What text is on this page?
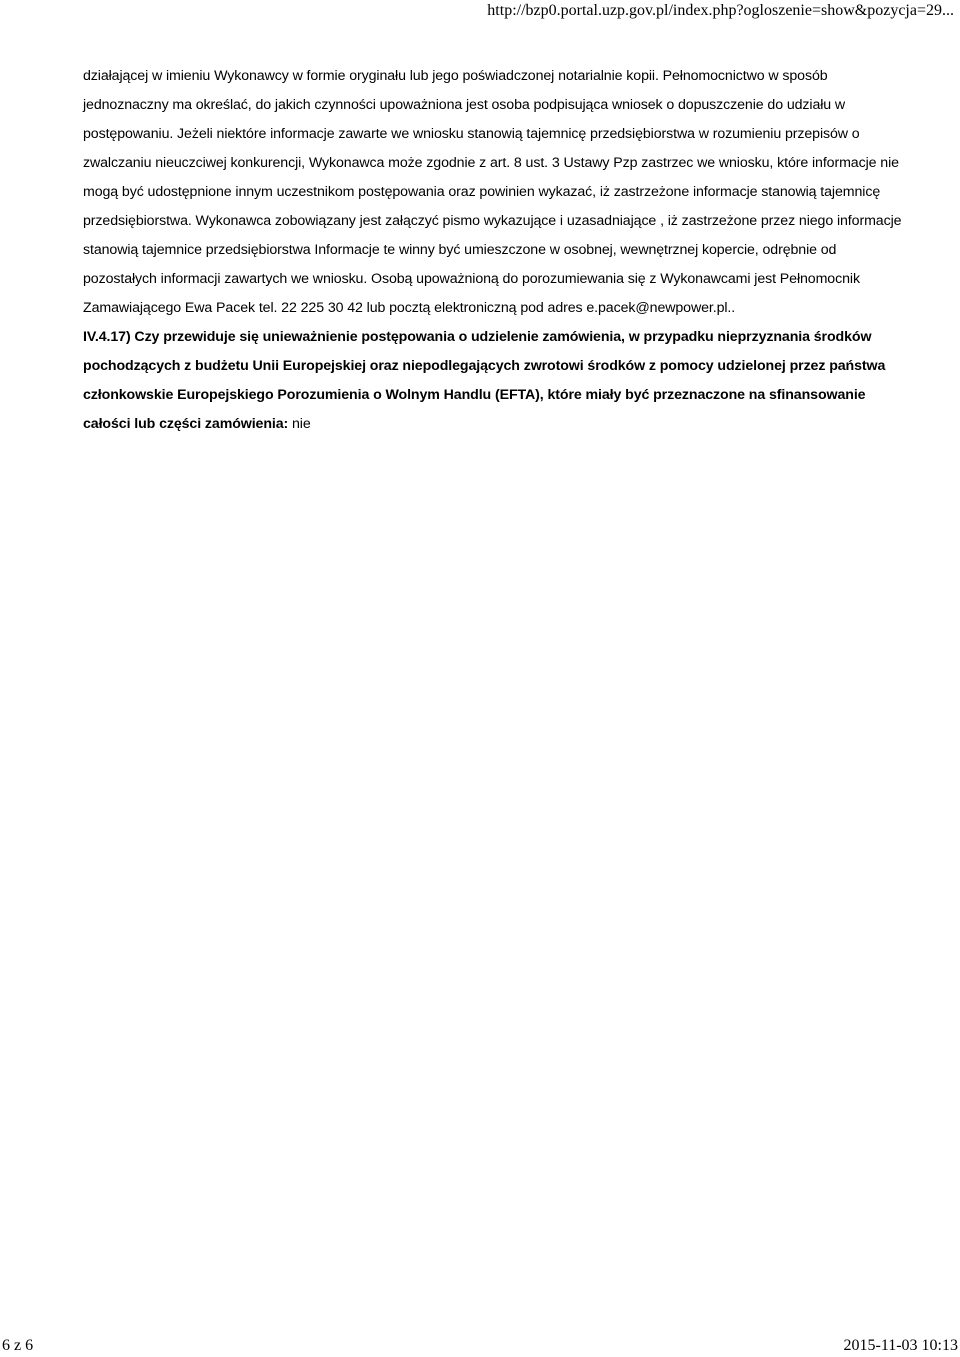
http://bzp0.portal.uzp.gov.pl/index.php?ogloszenie=show&pozycja=29...

działającej w imieniu Wykonawcy w formie oryginału lub jego poświadczonej notarialnie kopii. Pełnomocnictwo w sposób jednoznaczny ma określać, do jakich czynności upoważniona jest osoba podpisująca wniosek o dopuszczenie do udziału w postępowaniu. Jeżeli niektóre informacje zawarte we wniosku stanowią tajemnicę przedsiębiorstwa w rozumieniu przepisów o zwalczaniu nieuczciwej konkurencji, Wykonawca może zgodnie z art. 8 ust. 3 Ustawy Pzp zastrzec we wniosku, które informacje nie mogą być udostępnione innym uczestnikom postępowania oraz powinien wykazać, iż zastrzeżone informacje stanowią tajemnicę przedsiębiorstwa. Wykonawca zobowiązany jest załączyć pismo wykazujące i uzasadniające , iż zastrzeżone przez niego informacje stanowią tajemnice przedsiębiorstwa Informacje te winny być umieszczone w osobnej, wewnętrznej kopercie, odrębnie od pozostałych informacji zawartych we wniosku. Osobą upoważnioną do porozumiewania się z Wykonawcami jest Pełnomocnik Zamawiającego Ewa Pacek tel. 22 225 30 42 lub pocztą elektroniczną pod adres e.pacek@newpower.pl..

IV.4.17) Czy przewiduje się unieważnienie postępowania o udzielenie zamówienia, w przypadku nieprzyznania środków pochodzących z budżetu Unii Europejskiej oraz niepodlegających zwrotowi środków z pomocy udzielonej przez państwa członkowskie Europejskiego Porozumienia o Wolnym Handlu (EFTA), które miały być przeznaczone na sfinansowanie całości lub części zamówienia: nie

6 z 6	2015-11-03 10:13
